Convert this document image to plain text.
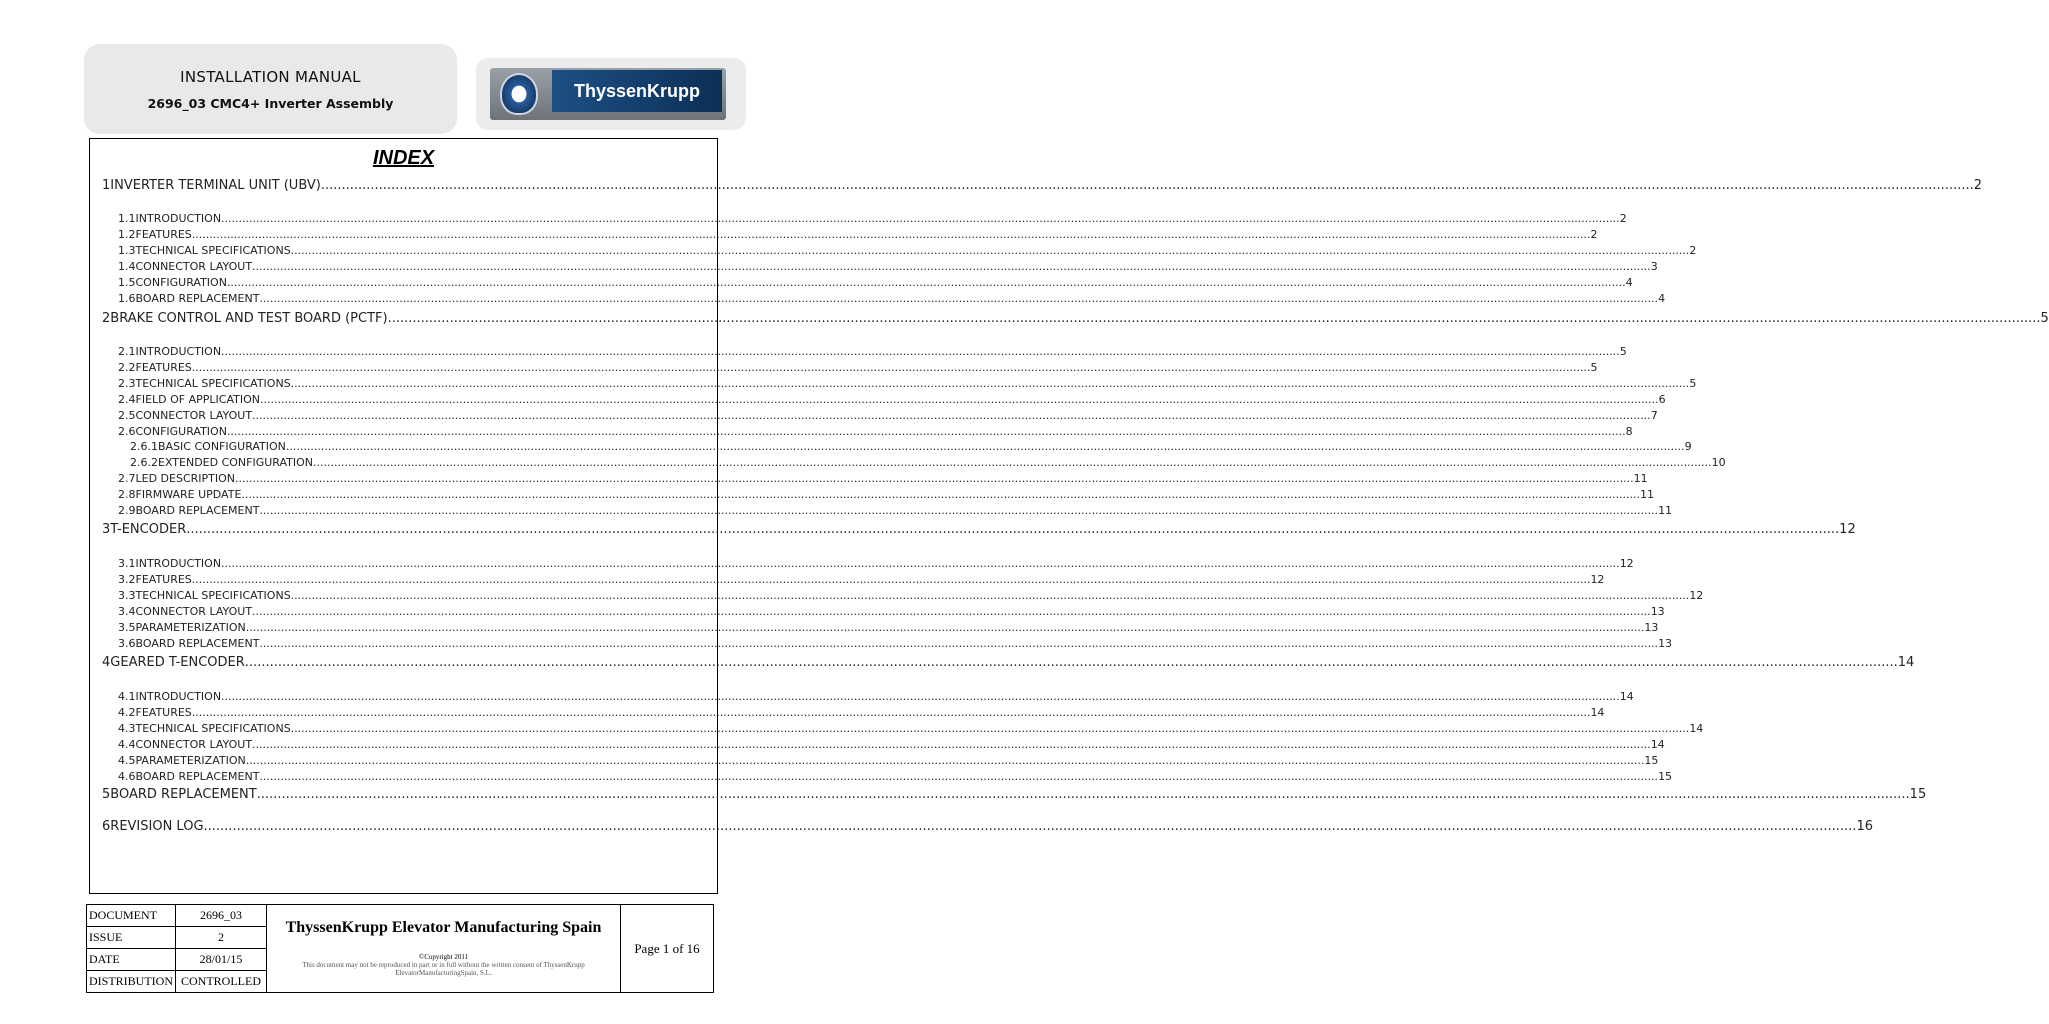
INSTALLATION MANUAL
2696_03 CMC4+ Inverter Assembly
ThyssenKrupp
INDEX
1 INVERTER TERMINAL UNIT (UBV) ................................................................................................................................................................................................................................................................................................................................................................................................................ 2
1.1 INTRODUCTION ................................................................................................................................................................................................................................................................................................................................................................................................................ 2
1.2 FEATURES ................................................................................................................................................................................................................................................................................................................................................................................................................ 2
1.3 TECHNICAL SPECIFICATIONS ................................................................................................................................................................................................................................................................................................................................................................................................................ 2
1.4 CONNECTOR LAYOUT ................................................................................................................................................................................................................................................................................................................................................................................................................ 3
1.5 CONFIGURATION ................................................................................................................................................................................................................................................................................................................................................................................................................ 4
1.6 BOARD REPLACEMENT ................................................................................................................................................................................................................................................................................................................................................................................................................ 4
2 BRAKE CONTROL AND TEST BOARD (PCTF) ................................................................................................................................................................................................................................................................................................................................................................................................................ 5
2.1 INTRODUCTION ................................................................................................................................................................................................................................................................................................................................................................................................................ 5
2.2 FEATURES ................................................................................................................................................................................................................................................................................................................................................................................................................ 5
2.3 TECHNICAL SPECIFICATIONS ................................................................................................................................................................................................................................................................................................................................................................................................................ 5
2.4 FIELD OF APPLICATION ................................................................................................................................................................................................................................................................................................................................................................................................................ 6
2.5 CONNECTOR LAYOUT ................................................................................................................................................................................................................................................................................................................................................................................................................ 7
2.6 CONFIGURATION ................................................................................................................................................................................................................................................................................................................................................................................................................ 8
2.6.1 BASIC CONFIGURATION ................................................................................................................................................................................................................................................................................................................................................................................................................ 9
2.6.2 EXTENDED CONFIGURATION ................................................................................................................................................................................................................................................................................................................................................................................................................ 10
2.7 LED DESCRIPTION ................................................................................................................................................................................................................................................................................................................................................................................................................ 11
2.8 FIRMWARE UPDATE ................................................................................................................................................................................................................................................................................................................................................................................................................ 11
2.9 BOARD REPLACEMENT ................................................................................................................................................................................................................................................................................................................................................................................................................ 11
3 T-ENCODER ................................................................................................................................................................................................................................................................................................................................................................................................................ 12
3.1 INTRODUCTION ................................................................................................................................................................................................................................................................................................................................................................................................................ 12
3.2 FEATURES ................................................................................................................................................................................................................................................................................................................................................................................................................ 12
3.3 TECHNICAL SPECIFICATIONS ................................................................................................................................................................................................................................................................................................................................................................................................................ 12
3.4 CONNECTOR LAYOUT ................................................................................................................................................................................................................................................................................................................................................................................................................ 13
3.5 PARAMETERIZATION ................................................................................................................................................................................................................................................................................................................................................................................................................ 13
3.6 BOARD REPLACEMENT ................................................................................................................................................................................................................................................................................................................................................................................................................ 13
4 GEARED T-ENCODER ................................................................................................................................................................................................................................................................................................................................................................................................................ 14
4.1 INTRODUCTION ................................................................................................................................................................................................................................................................................................................................................................................................................ 14
4.2 FEATURES ................................................................................................................................................................................................................................................................................................................................................................................................................ 14
4.3 TECHNICAL SPECIFICATIONS ................................................................................................................................................................................................................................................................................................................................................................................................................ 14
4.4 CONNECTOR LAYOUT ................................................................................................................................................................................................................................................................................................................................................................................................................ 14
4.5 PARAMETERIZATION ................................................................................................................................................................................................................................................................................................................................................................................................................ 15
4.6 BOARD REPLACEMENT ................................................................................................................................................................................................................................................................................................................................................................................................................ 15
5 BOARD REPLACEMENT ................................................................................................................................................................................................................................................................................................................................................................................................................ 15
6 REVISION LOG ................................................................................................................................................................................................................................................................................................................................................................................................................ 16
DOCUMENT	2696_03	ThyssenKrupp Elevator Manufacturing Spain
©Copyright 2011
This document may not be reproduced in part or in full without the written consent of ThyssenKrupp ElevatorManufacturingSpain, S.L.	Page 1 of 16
ISSUE	2		
DATE	28/01/15		
DISTRIBUTION	CONTROLLED		
